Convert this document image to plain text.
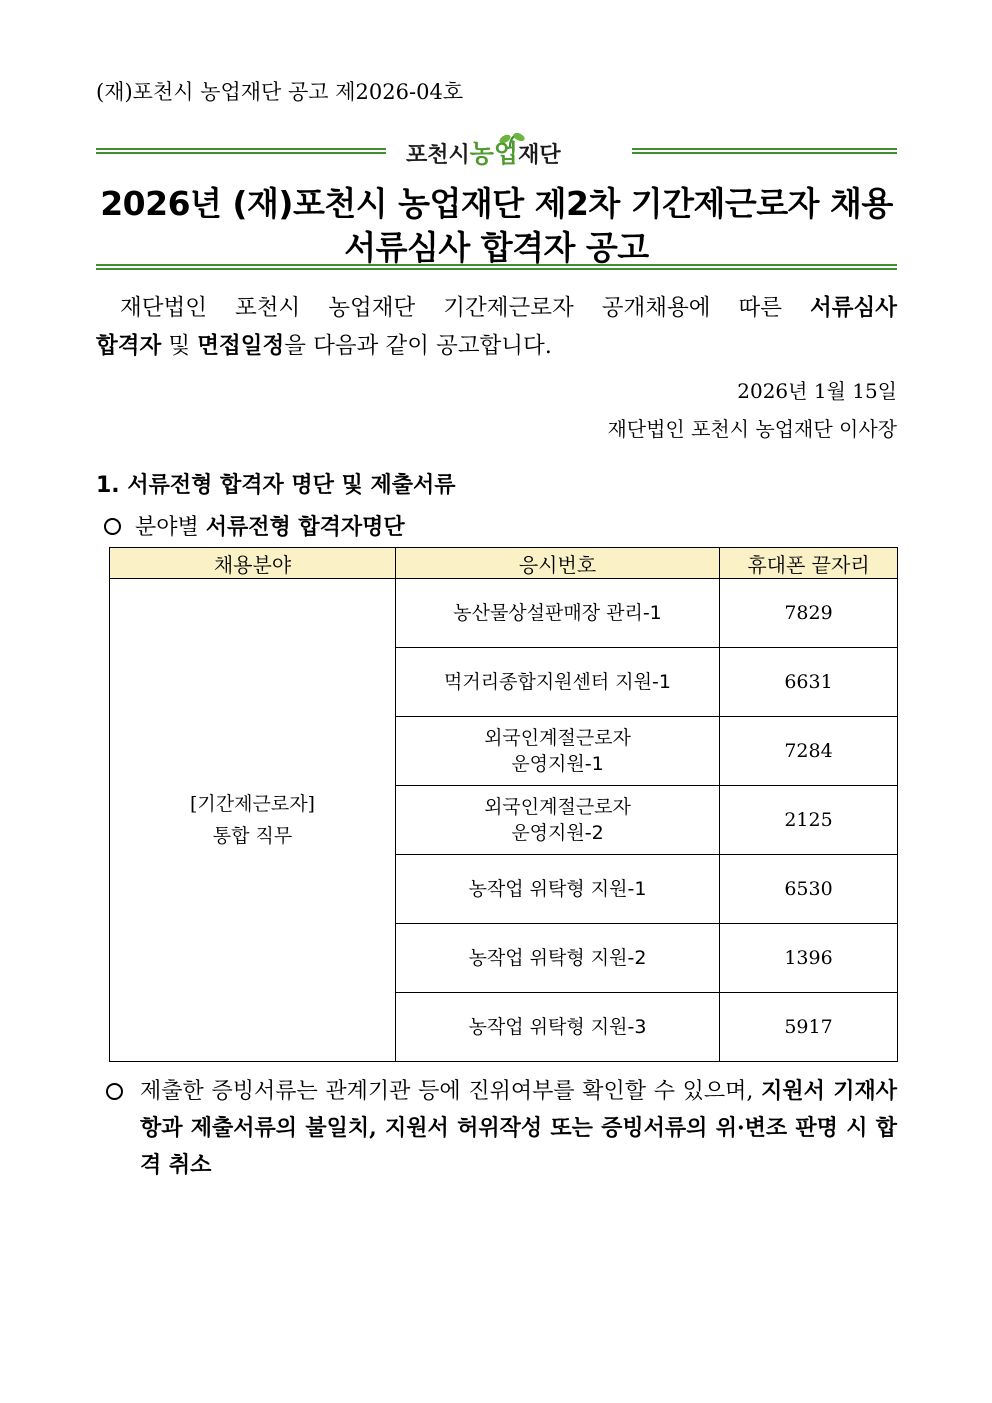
(재)포천시 농업재단 공고 제2026-04호
포천시농업재단
2026년 (재)포천시 농업재단 제2차 기간제근로자 채용
서류심사 합격자 공고
재단법인 포천시 농업재단 기간제근로자 공개채용에 따른 서류심사
합격자 및 면접일정을 다음과 같이 공고합니다.
2026년 1월 15일
재단법인 포천시 농업재단 이사장
1. 서류전형 합격자 명단 및 제출서류
분야별 서류전형 합격자명단
채용분야	응시번호	휴대폰 끝자리

[기간제근로자]
통합 직무	농산물상설판매장 관리-1	7829

	먹거리종합지원센터 지원-1	6631

	외국인계절근로자
운영지원-1	7284

	외국인계절근로자
운영지원-2	2125

	농작업 위탁형 지원-1	6530

	농작업 위탁형 지원-2	1396

	농작업 위탁형 지원-3	5917
제출한 증빙서류는 관계기관 등에 진위여부를 확인할 수 있으며, 지원서 기재사항과 제출서류의 불일치, 지원서 허위작성 또는 증빙서류의 위·변조 판명 시 합격 취소
